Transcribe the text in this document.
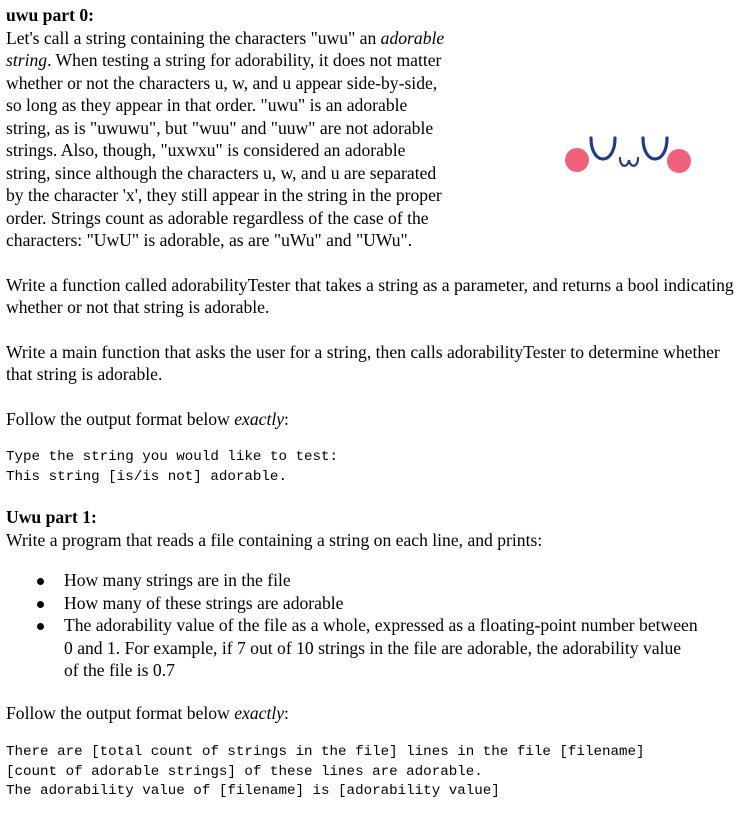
uwu part 0:

Let's call a string containing the characters "uwu" an adorable
string. When testing a string for adorability, it does not matter
whether or not the characters u, w, and u appear side-by-side,
so long as they appear in that order. "uwu" is an adorable
string, as is "uwuwu", but "wuu" and "uuw" are not adorable
strings. Also, though, "uxwxu" is considered an adorable
string, since although the characters u, w, and u are separated
by the character 'x', they still appear in the string in the proper
order. Strings count as adorable regardless of the case of the
characters: "UwU" is adorable, as are "uWu" and "UWu".

Write a function called adorabilityTester that takes a string as a parameter, and returns a bool indicating whether or not that string is adorable.

Write a main function that asks the user for a string, then calls adorabilityTester to determine whether that string is adorable.

Follow the output format below exactly:

Type the string you would like to test:
This string [is/is not] adorable.

Uwu part 1:

Write a program that reads a file containing a string on each line, and prints:

How many strings are in the file
How many of these strings are adorable
The adorability value of the file as a whole, expressed as a floating-point number between 0 and 1. For example, if 7 out of 10 strings in the file are adorable, the adorability value of the file is 0.7

Follow the output format below exactly:

There are [total count of strings in the file] lines in the file [filename]
[count of adorable strings] of these lines are adorable.
The adorability value of [filename] is [adorability value]
